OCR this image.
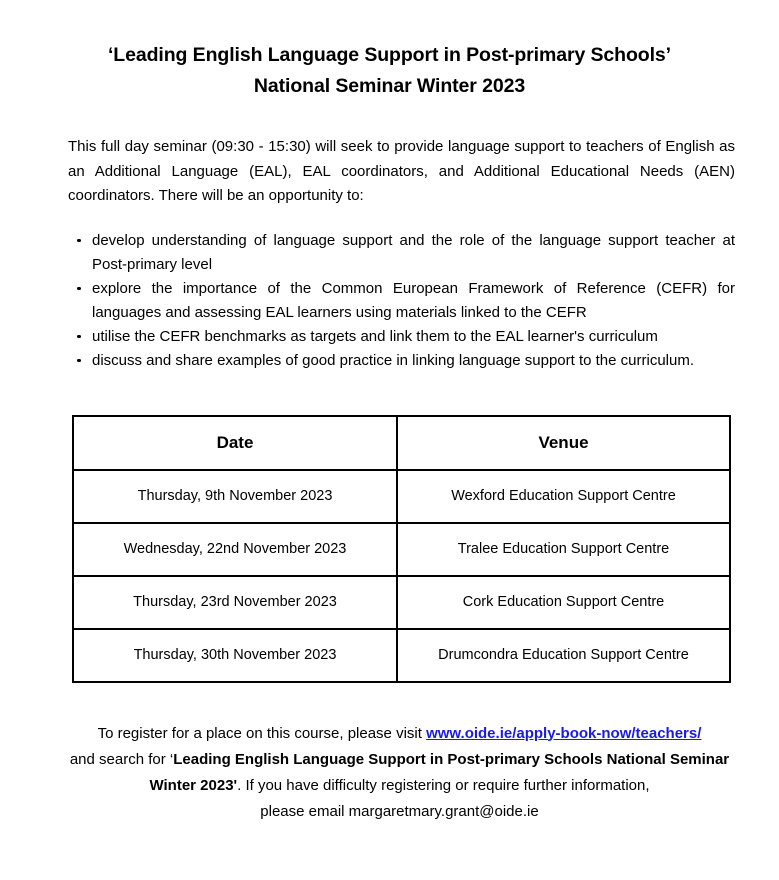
‘Leading English Language Support in Post-primary Schools’
National Seminar Winter 2023

This full day seminar (09:30 - 15:30) will seek to provide language support to teachers of English as an Additional Language (EAL), EAL coordinators, and Additional Educational Needs (AEN) coordinators. There will be an opportunity to:

develop understanding of language support and the role of the language support teacher at Post-primary level
explore the importance of the Common European Framework of Reference (CEFR) for languages and assessing EAL learners using materials linked to the CEFR
utilise the CEFR benchmarks as targets and link them to the EAL learner's curriculum
discuss and share examples of good practice in linking language support to the curriculum.
Date	Venue
Thursday, 9th November 2023	Wexford Education Support Centre
Wednesday, 22nd November 2023	Tralee Education Support Centre
Thursday, 23rd November 2023	Cork Education Support Centre
Thursday, 30th November 2023	Drumcondra Education Support Centre
To register for a place on this course, please visit www.oide.ie/apply-book-now/teachers/
and search for ‘Leading English Language Support in Post-primary Schools National Seminar Winter 2023'. If you have difficulty registering or require further information,
please email margaretmary.grant@oide.ie
